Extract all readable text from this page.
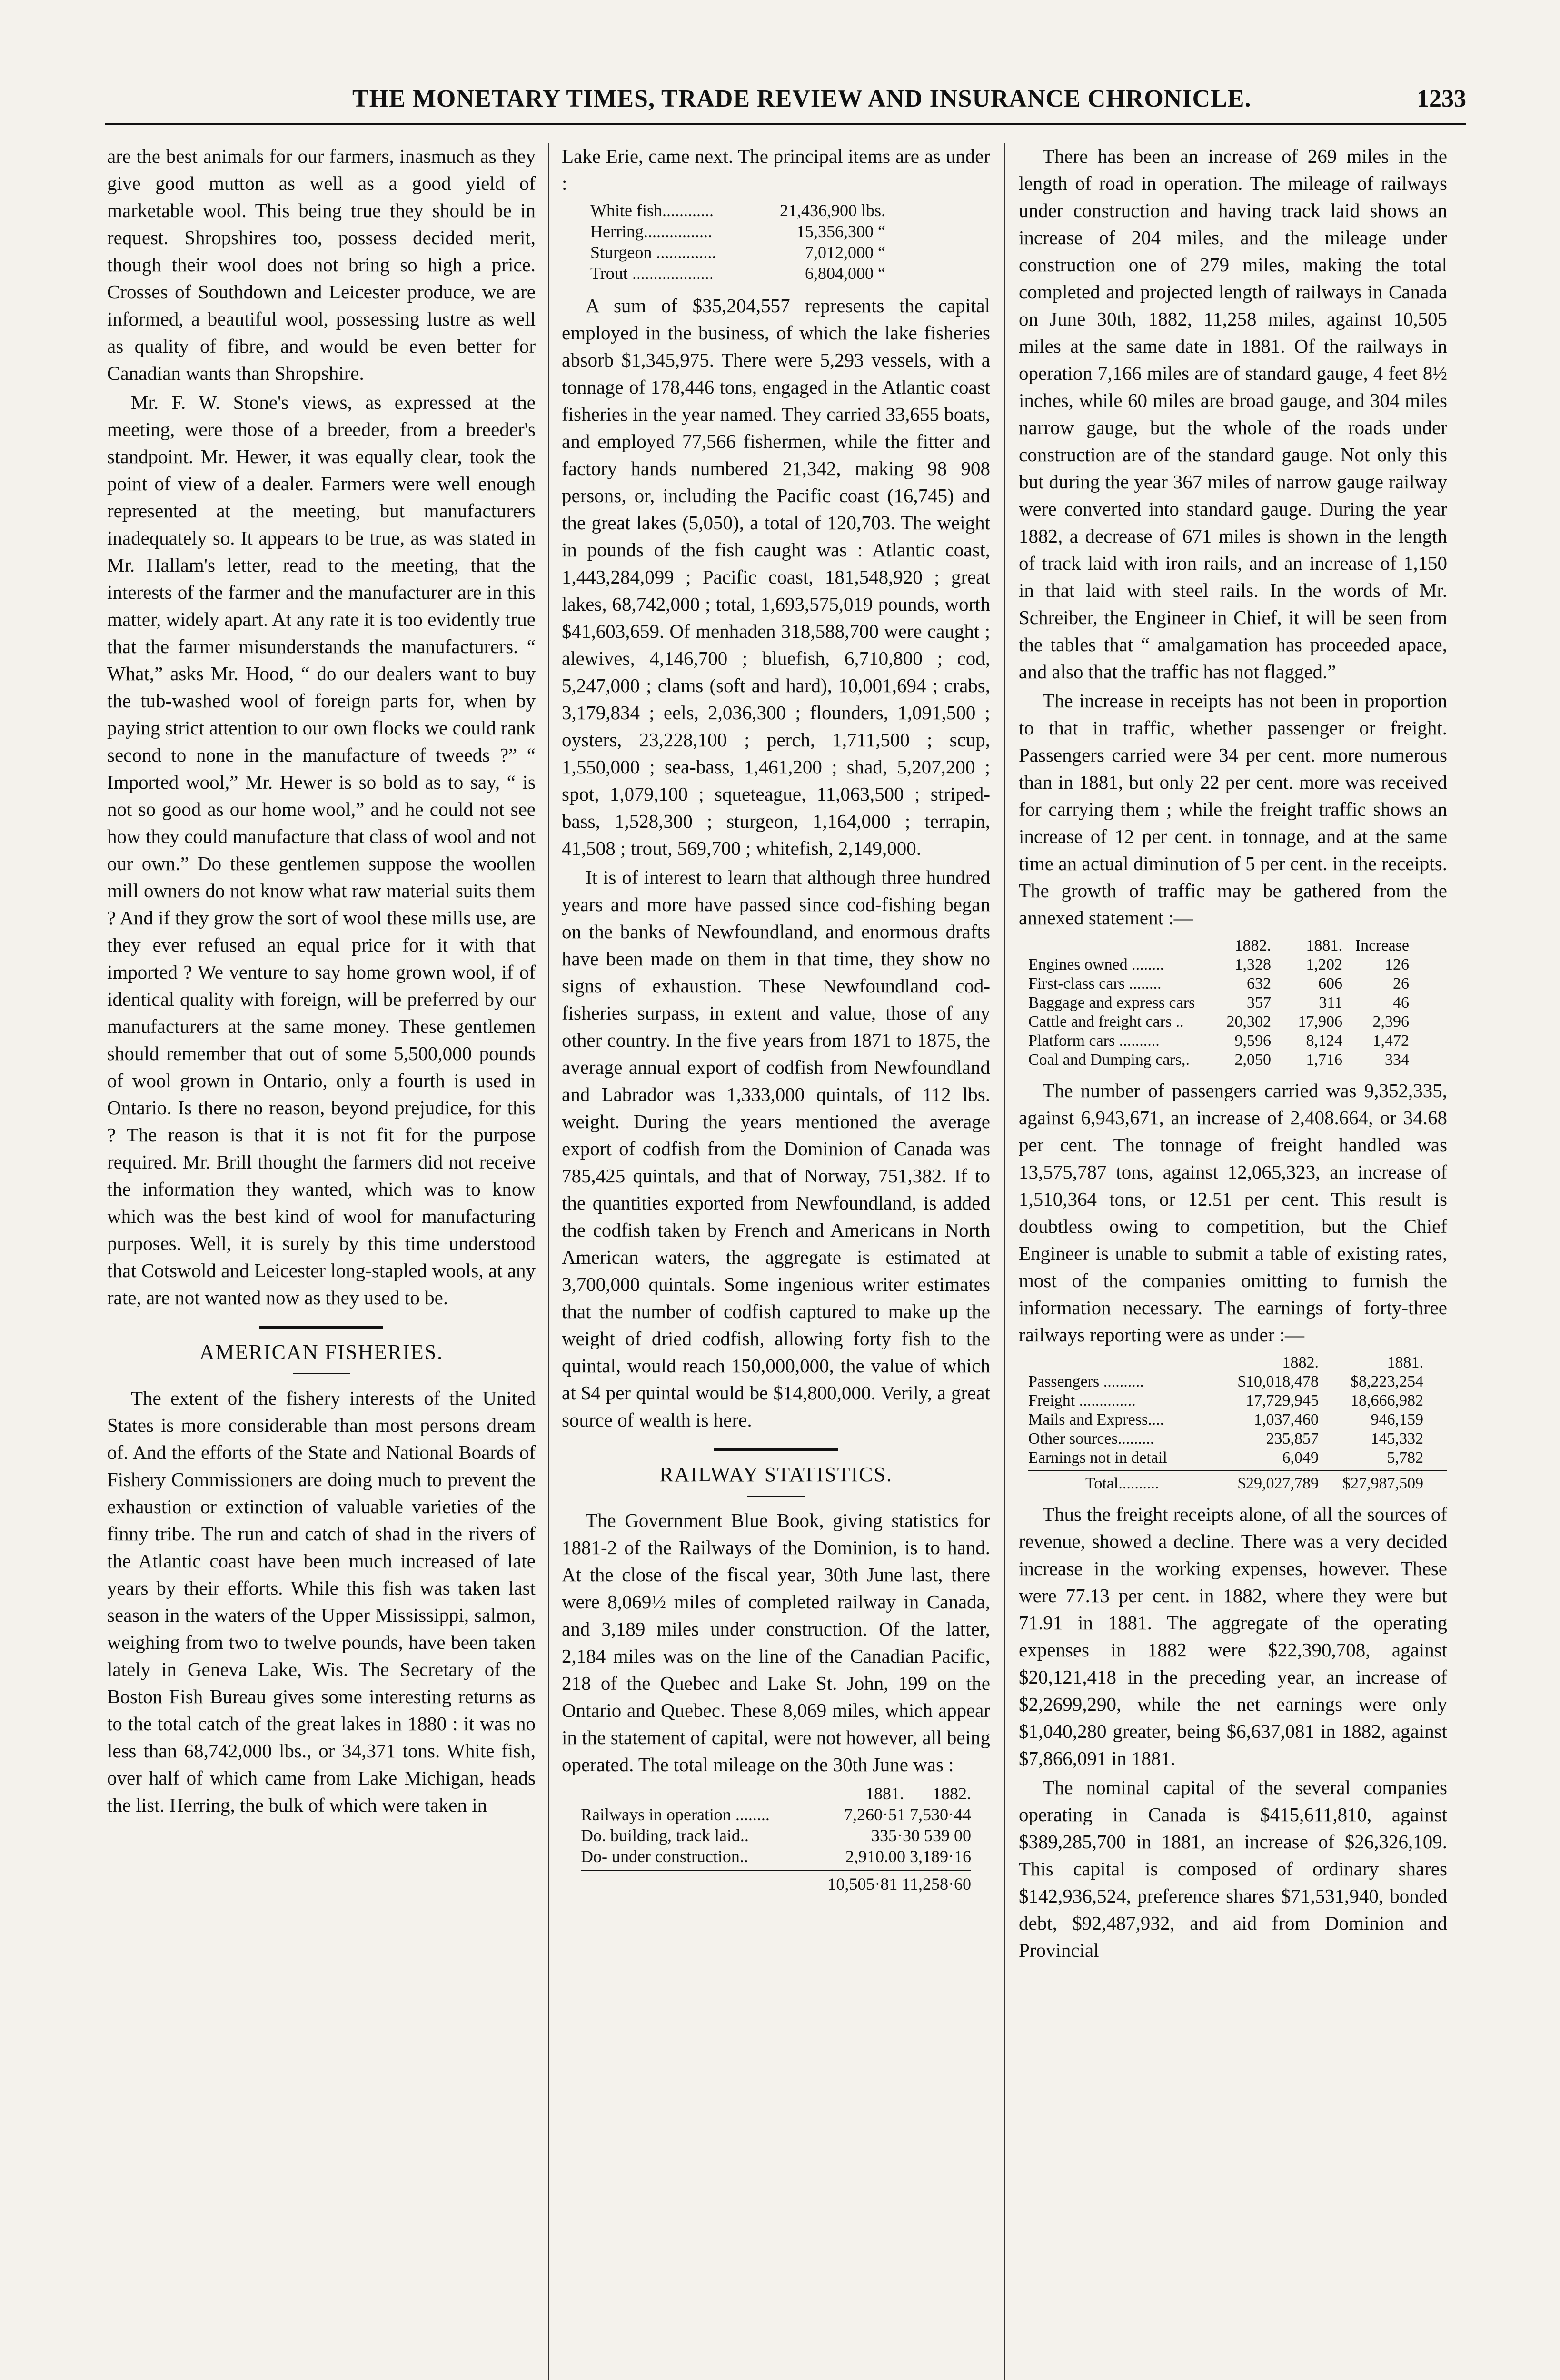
THE MONETARY TIMES, TRADE REVIEW AND INSURANCE CHRONICLE.	1233

are the best animals for our farmers, inasmuch as they give good mutton as well as a good yield of marketable wool. This being true they should be in request. Shropshires too, possess decided merit, though their wool does not bring so high a price. Crosses of Southdown and Leicester produce, we are informed, a beautiful wool, possessing lustre as well as quality of fibre, and would be even better for Canadian wants than Shropshire.

Mr. F. W. Stone's views, as expressed at the meeting, were those of a breeder, from a breeder's standpoint. Mr. Hewer, it was equally clear, took the point of view of a dealer. Farmers were well enough represented at the meeting, but manufacturers inadequately so. It appears to be true, as was stated in Mr. Hallam's letter, read to the meeting, that the interests of the farmer and the manufacturer are in this matter, widely apart. At any rate it is too evidently true that the farmer misunderstands the manufacturers. “ What,” asks Mr. Hood, “ do our dealers want to buy the tub-washed wool of foreign parts for, when by paying strict attention to our own flocks we could rank second to none in the manufacture of tweeds ?” “ Imported wool,” Mr. Hewer is so bold as to say, “ is not so good as our home wool,” and he could not see how they could manufacture that class of wool and not our own.” Do these gentlemen suppose the woollen mill owners do not know what raw material suits them ? And if they grow the sort of wool these mills use, are they ever refused an equal price for it with that imported ? We venture to say home grown wool, if of identical quality with foreign, will be preferred by our manufacturers at the same money. These gentlemen should remember that out of some 5,500,000 pounds of wool grown in Ontario, only a fourth is used in Ontario. Is there no reason, beyond prejudice, for this ? The reason is that it is not fit for the purpose required. Mr. Brill thought the farmers did not receive the information they wanted, which was to know which was the best kind of wool for manufacturing purposes. Well, it is surely by this time understood that Cotswold and Leicester long-stapled wools, at any rate, are not wanted now as they used to be.

AMERICAN FISHERIES.

The extent of the fishery interests of the United States is more considerable than most persons dream of. And the efforts of the State and National Boards of Fishery Commissioners are doing much to prevent the exhaustion or extinction of valuable varieties of the finny tribe. The run and catch of shad in the rivers of the Atlantic coast have been much increased of late years by their efforts. While this fish was taken last season in the waters of the Upper Mississippi, salmon, weighing from two to twelve pounds, have been taken lately in Geneva Lake, Wis. The Secretary of the Boston Fish Bureau gives some interesting returns as to the total catch of the great lakes in 1880 : it was no less than 68,742,000 lbs., or 34,371 tons. White fish, over half of which came from Lake Michigan, heads the list. Herring, the bulk of which were taken in

Lake Erie, came next. The principal items are as under :

White fish............	21,436,900 lbs.
Herring................	15,356,300 “
Sturgeon ..............	7,012,000 “
Trout ...................	6,804,000 “

A sum of $35,204,557 represents the capital employed in the business, of which the lake fisheries absorb $1,345,975. There were 5,293 vessels, with a tonnage of 178,446 tons, engaged in the Atlantic coast fisheries in the year named. They carried 33,655 boats, and employed 77,566 fishermen, while the fitter and factory hands numbered 21,342, making 98 908 persons, or, including the Pacific coast (16,745) and the great lakes (5,050), a total of 120,703. The weight in pounds of the fish caught was : Atlantic coast, 1,443,284,099 ; Pacific coast, 181,548,920 ; great lakes, 68,742,000 ; total, 1,693,575,019 pounds, worth $41,603,659. Of menhaden 318,588,700 were caught ; alewives, 4,146,700 ; bluefish, 6,710,800 ; cod, 5,247,000 ; clams (soft and hard), 10,001,694 ; crabs, 3,179,834 ; eels, 2,036,300 ; flounders, 1,091,500 ; oysters, 23,228,100 ; perch, 1,711,500 ; scup, 1,550,000 ; sea-bass, 1,461,200 ; shad, 5,207,200 ; spot, 1,079,100 ; squeteague, 11,063,500 ; striped-bass, 1,528,300 ; sturgeon, 1,164,000 ; terrapin, 41,508 ; trout, 569,700 ; whitefish, 2,149,000.

It is of interest to learn that although three hundred years and more have passed since cod-fishing began on the banks of Newfoundland, and enormous drafts have been made on them in that time, they show no signs of exhaustion. These Newfoundland cod-fisheries surpass, in extent and value, those of any other country. In the five years from 1871 to 1875, the average annual export of codfish from Newfoundland and Labrador was 1,333,000 quintals, of 112 lbs. weight. During the years mentioned the average export of codfish from the Dominion of Canada was 785,425 quintals, and that of Norway, 751,382. If to the quantities exported from Newfoundland, is added the codfish taken by French and Americans in North American waters, the aggregate is estimated at 3,700,000 quintals. Some ingenious writer estimates that the number of codfish captured to make up the weight of dried codfish, allowing forty fish to the quintal, would reach 150,000,000, the value of which at $4 per quintal would be $14,800,000. Verily, a great source of wealth is here.

RAILWAY STATISTICS.

The Government Blue Book, giving statistics for 1881-2 of the Railways of the Dominion, is to hand. At the close of the fiscal year, 30th June last, there were 8,069½ miles of completed railway in Canada, and 3,189 miles under construction. Of the latter, 2,184 miles was on the line of the Canadian Pacific, 218 of the Quebec and Lake St. John, 199 on the Ontario and Quebec. These 8,069 miles, which appear in the statement of capital, were not however, all being operated. The total mileage on the 30th June was :

1881. 1882.
Railways in operation ........	7,260·51 7,530·44
Do. building, track laid..	335·30 539 00
Do- under construction..	2,910.00 3,189·16
10,505·81 11,258·60

There has been an increase of 269 miles in the length of road in operation. The mileage of railways under construction and having track laid shows an increase of 204 miles, and the mileage under construction one of 279 miles, making the total completed and projected length of railways in Canada on June 30th, 1882, 11,258 miles, against 10,505 miles at the same date in 1881. Of the railways in operation 7,166 miles are of standard gauge, 4 feet 8½ inches, while 60 miles are broad gauge, and 304 miles narrow gauge, but the whole of the roads under construction are of the standard gauge. Not only this but during the year 367 miles of narrow gauge railway were converted into standard gauge. During the year 1882, a decrease of 671 miles is shown in the length of track laid with iron rails, and an increase of 1,150 in that laid with steel rails. In the words of Mr. Schreiber, the Engineer in Chief, it will be seen from the tables that “ amalgamation has proceeded apace, and also that the traffic has not flagged.”

The increase in receipts has not been in proportion to that in traffic, whether passenger or freight. Passengers carried were 34 per cent. more numerous than in 1881, but only 22 per cent. more was received for carrying them ; while the freight traffic shows an increase of 12 per cent. in tonnage, and at the same time an actual diminution of 5 per cent. in the receipts. The growth of traffic may be gathered from the annexed statement :—

1882.	1881. Increase
Engines owned ........	1,328	1,202	126
First-class cars ........	632	606	26
Baggage and express cars	357	311	46
Cattle and freight cars ..	20,302	17,906	2,396
Platform cars ..........	9,596	8,124	1,472
Coal and Dumping cars,.	2,050	1,716	334

The number of passengers carried was 9,352,335, against 6,943,671, an increase of 2,408.664, or 34.68 per cent. The tonnage of freight handled was 13,575,787 tons, against 12,065,323, an increase of 1,510,364 tons, or 12.51 per cent. This result is doubtless owing to competition, but the Chief Engineer is unable to submit a table of existing rates, most of the companies omitting to furnish the information necessary. The earnings of forty-three railways reporting were as under :—

1882.	1881.
Passengers ..........	$10,018,478	$8,223,254
Freight ..............	17,729,945	18,666,982
Mails and Express....	1,037,460	946,159
Other sources.........	235,857	145,332
Earnings not in detail	6,049	5,782
Total..........	$29,027,789	$27,987,509

Thus the freight receipts alone, of all the sources of revenue, showed a decline. There was a very decided increase in the working expenses, however. These were 77.13 per cent. in 1882, where they were but 71.91 in 1881. The aggregate of the operating expenses in 1882 were $22,390,708, against $20,121,418 in the preceding year, an increase of $2,2699,290, while the net earnings were only $1,040,280 greater, being $6,637,081 in 1882, against $7,866,091 in 1881.

The nominal capital of the several companies operating in Canada is $415,611,810, against $389,285,700 in 1881, an increase of $26,326,109. This capital is composed of ordinary shares $142,936,524, preference shares $71,531,940, bonded debt, $92,487,932, and aid from Dominion and Provincial
